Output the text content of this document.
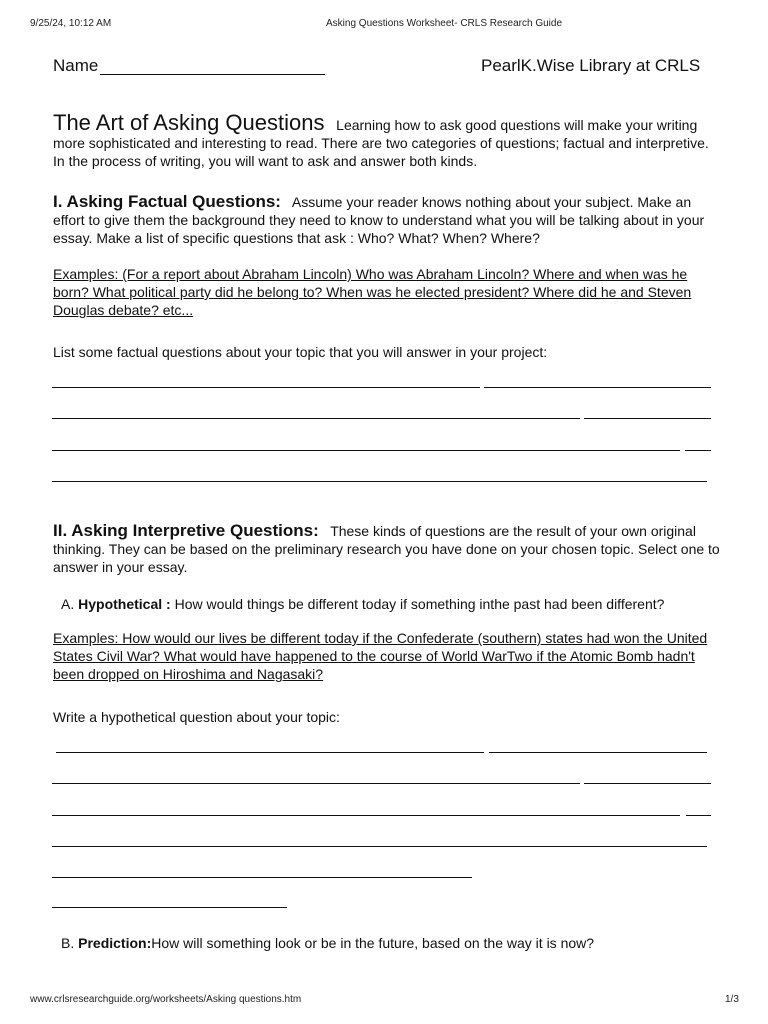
9/25/24, 10:12 AM	Asking Questions Worksheet- CRLS Research Guide
Name	PearlK.Wise Library at CRLS
The Art of Asking Questions Learning how to ask good questions will make your writing more sophisticated and interesting to read. There are two categories of questions; factual and interpretive. In the process of writing, you will want to ask and answer both kinds.
I. Asking Factual Questions: Assume your reader knows nothing about your subject. Make an effort to give them the background they need to know to understand what you will be talking about in your essay. Make a list of specific questions that ask : Who? What? When? Where?
Examples: (For a report about Abraham Lincoln) Who was Abraham Lincoln? Where and when was he born? What political party did he belong to? When was he elected president? Where did he and Steven Douglas debate? etc...
List some factual questions about your topic that you will answer in your project:
II. Asking Interpretive Questions: These kinds of questions are the result of your own original thinking. They can be based on the preliminary research you have done on your chosen topic. Select one to answer in your essay.
A. Hypothetical : How would things be different today if something inthe past had been different?
Examples: How would our lives be different today if the Confederate (southern) states had won the United States Civil War? What would have happened to the course of World WarTwo if the Atomic Bomb hadn't been dropped on Hiroshima and Nagasaki?
Write a hypothetical question about your topic:
B. Prediction:How will something look or be in the future, based on the way it is now?
www.crlsresearchguide.org/worksheets/Asking questions.htm	1/3
